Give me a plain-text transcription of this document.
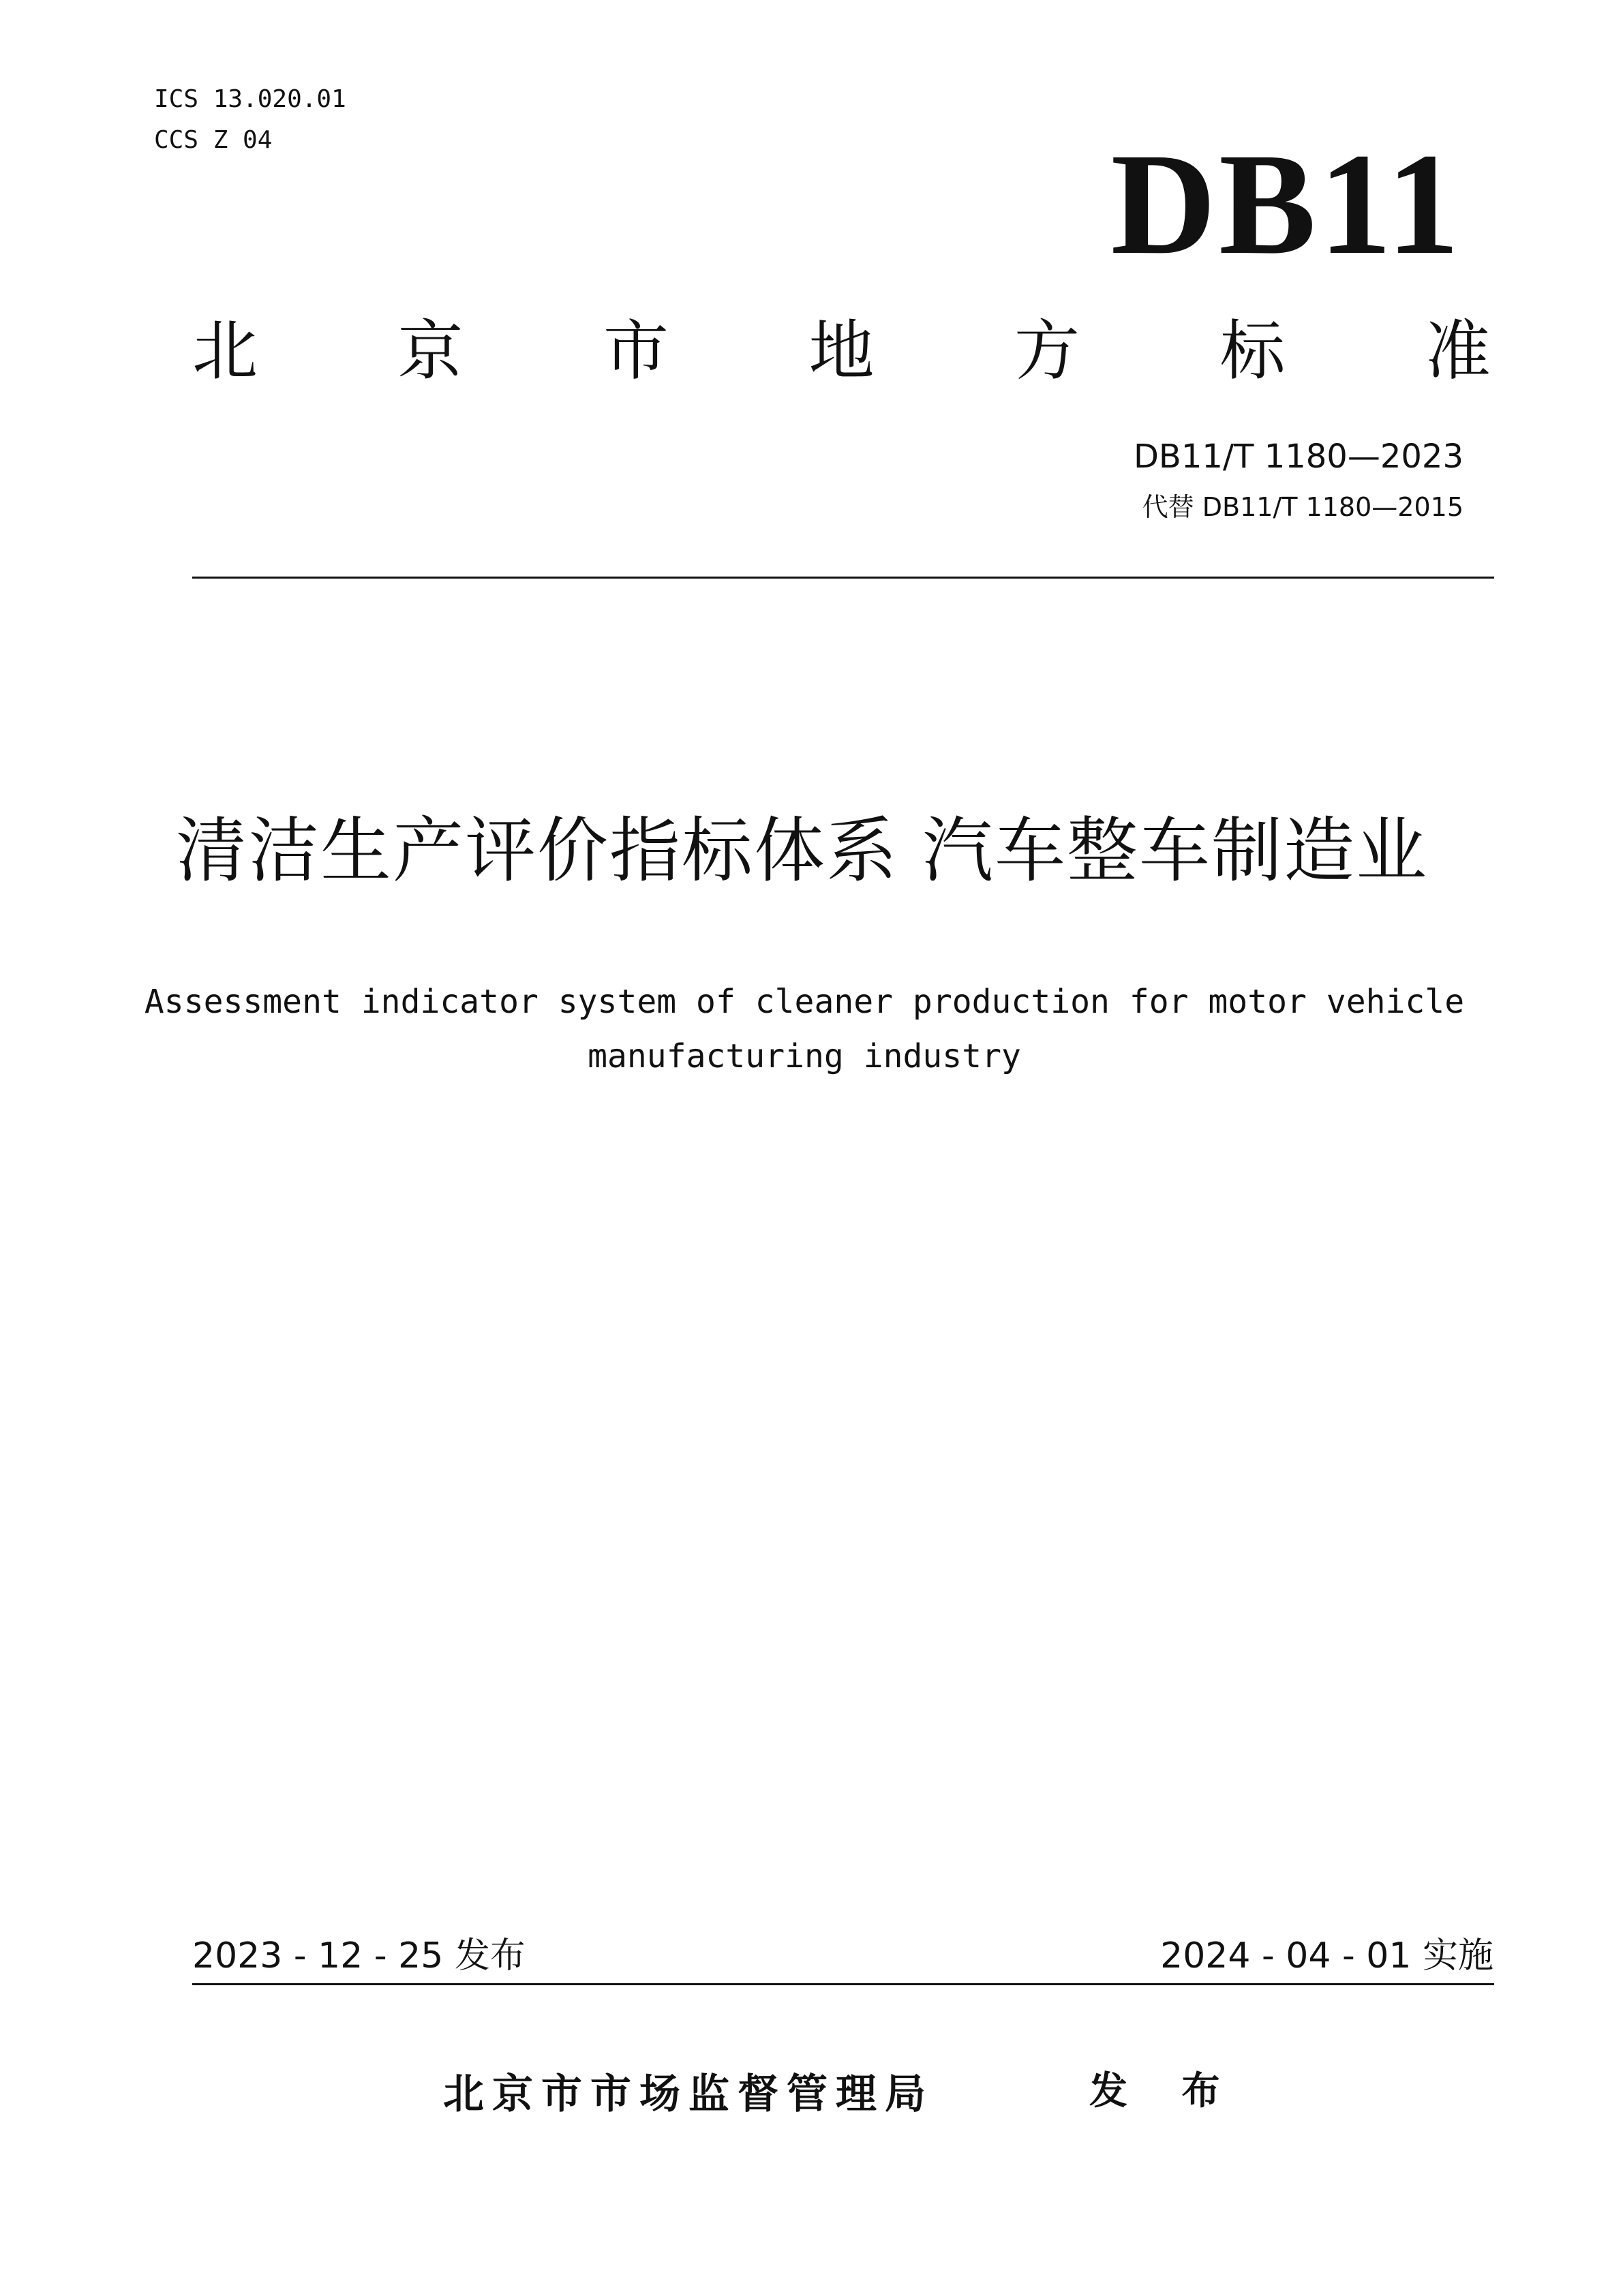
ICS 13.020.01
CCS Z 04	DB11
北 京 市 地 方 标 准
DB11/T 1180—2023
代替 DB11/T 1180—2015
清洁生产评价指标体系 汽车整车制造业
Assessment indicator system of cleaner production for motor vehicle
manufacturing industry
2023 - 12 - 25 发布	2024 - 04 - 01 实施
北京市市场监督管理局	发 布
